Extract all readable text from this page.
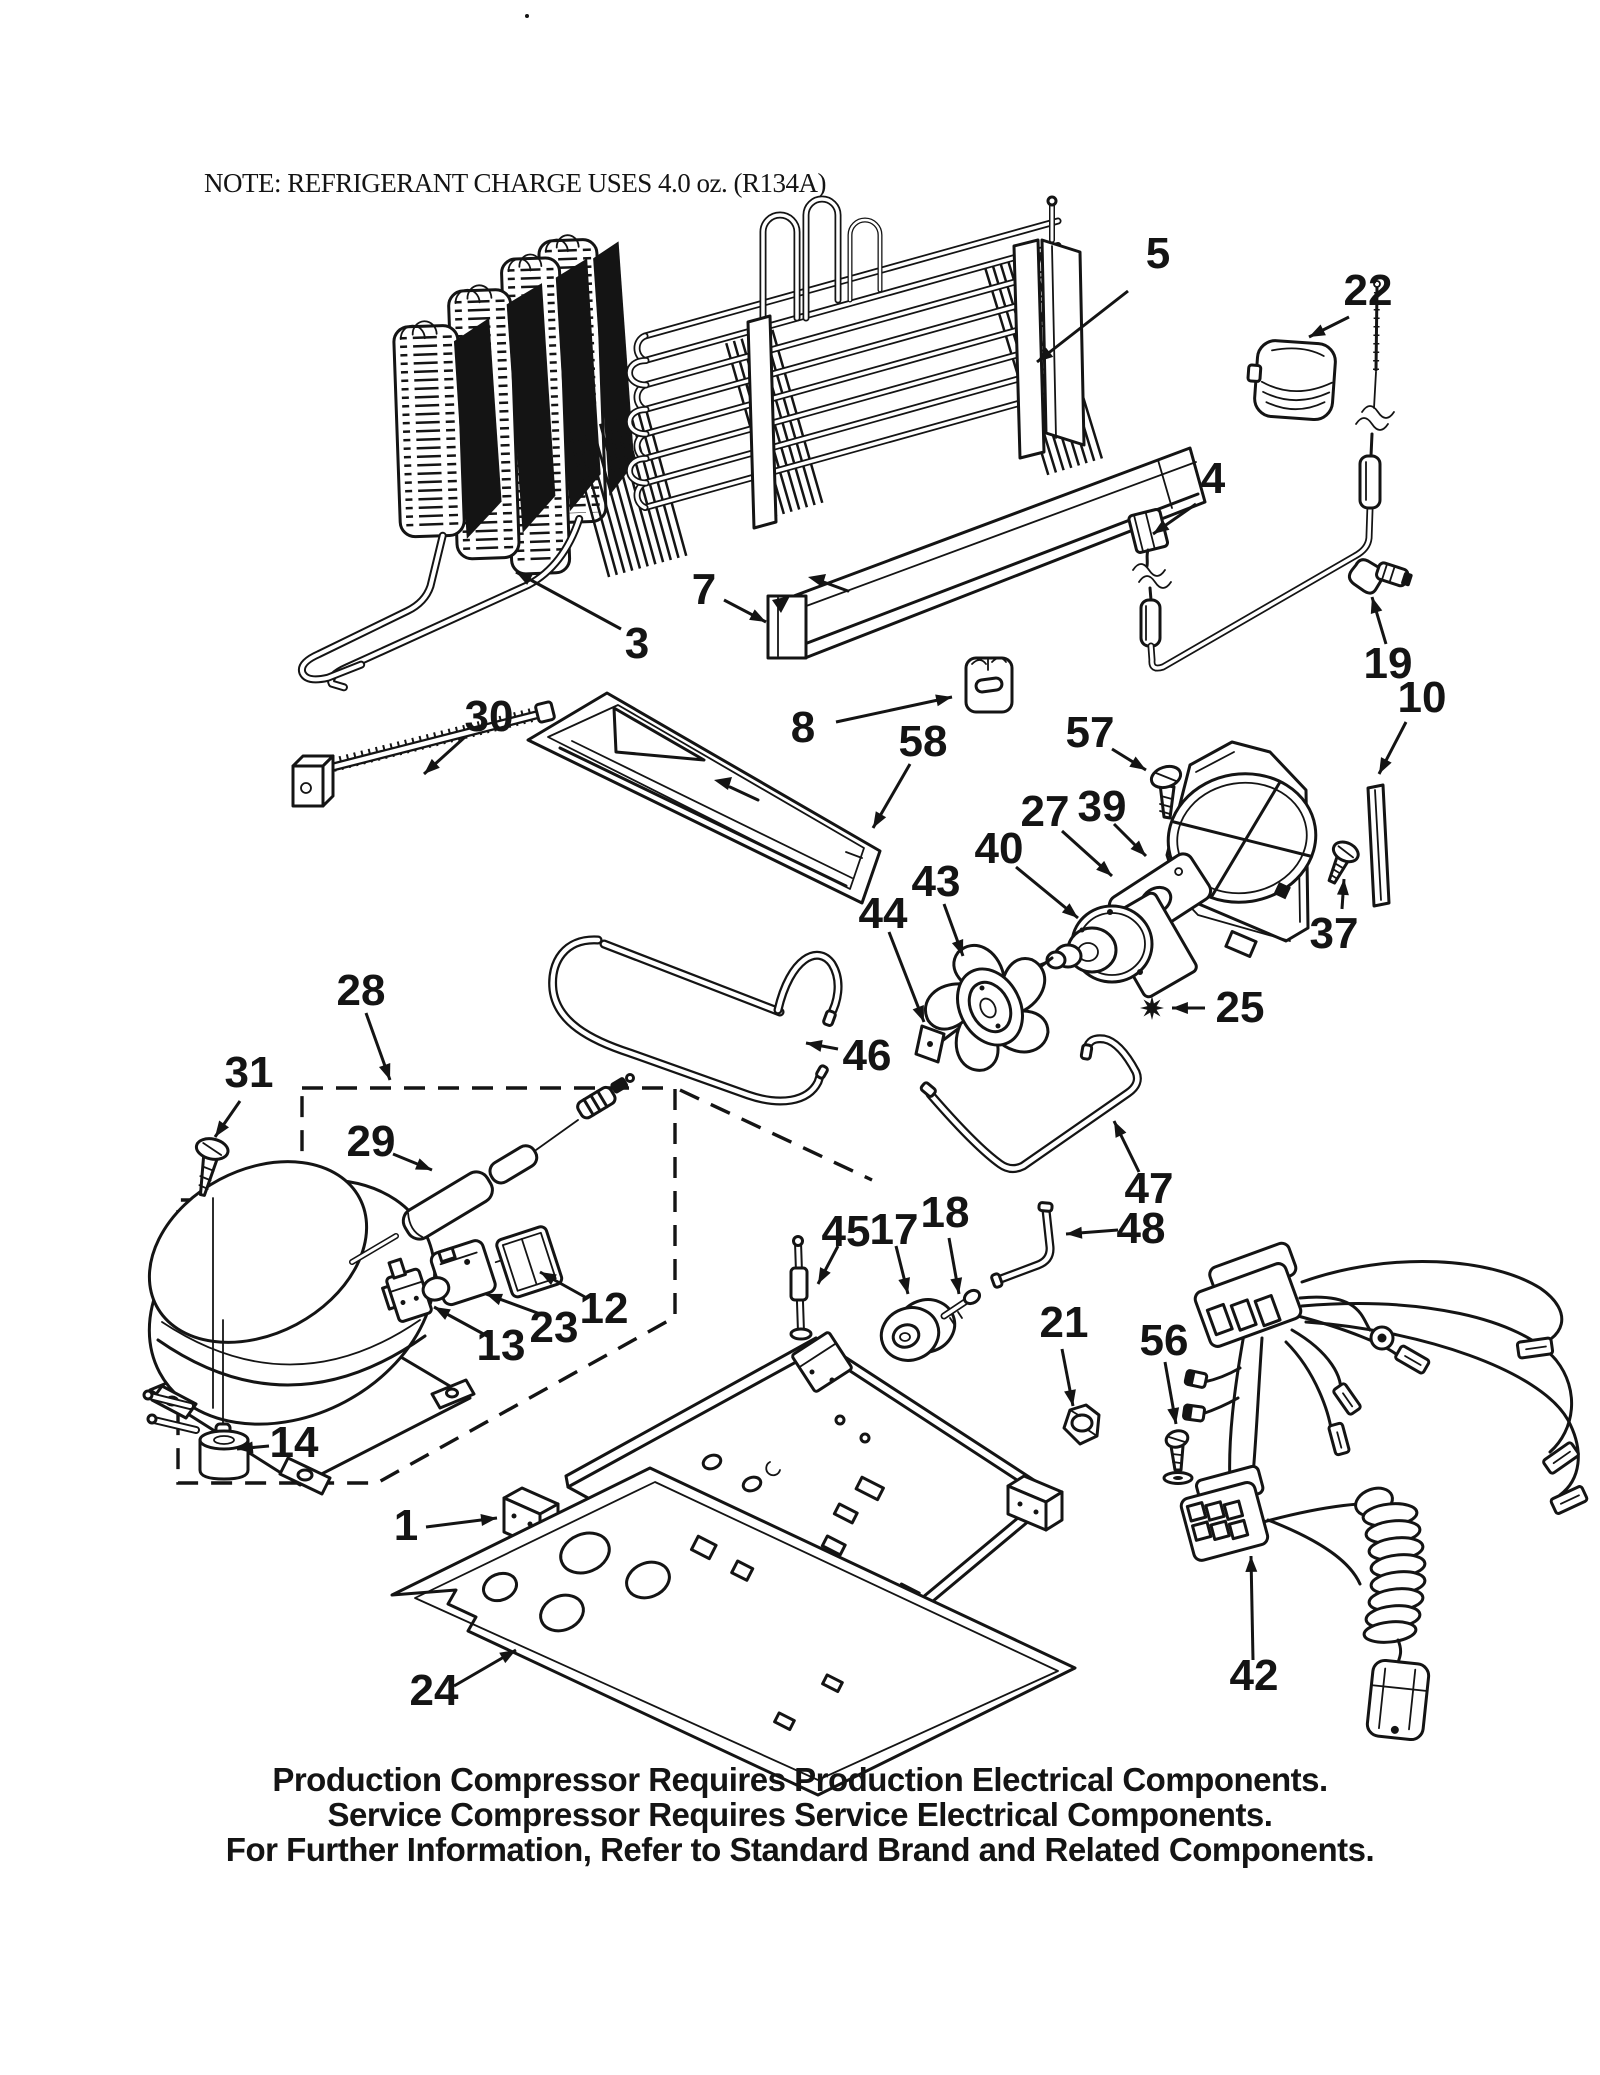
NOTE: REFRIGERANT CHARGE USES 4.0 oz. (R134A)
5
22
4
19
10
3
7
8 58	57
27 39
40
43
44
46
25
37
30
28
31
29
12
23
13
14
45 17 18	47
48
21 56
1
24	42
Production Compressor Requires Production Electrical Components.
Service Compressor Requires Service Electrical Components.
For Further Information, Refer to Standard Brand and Related Components.
